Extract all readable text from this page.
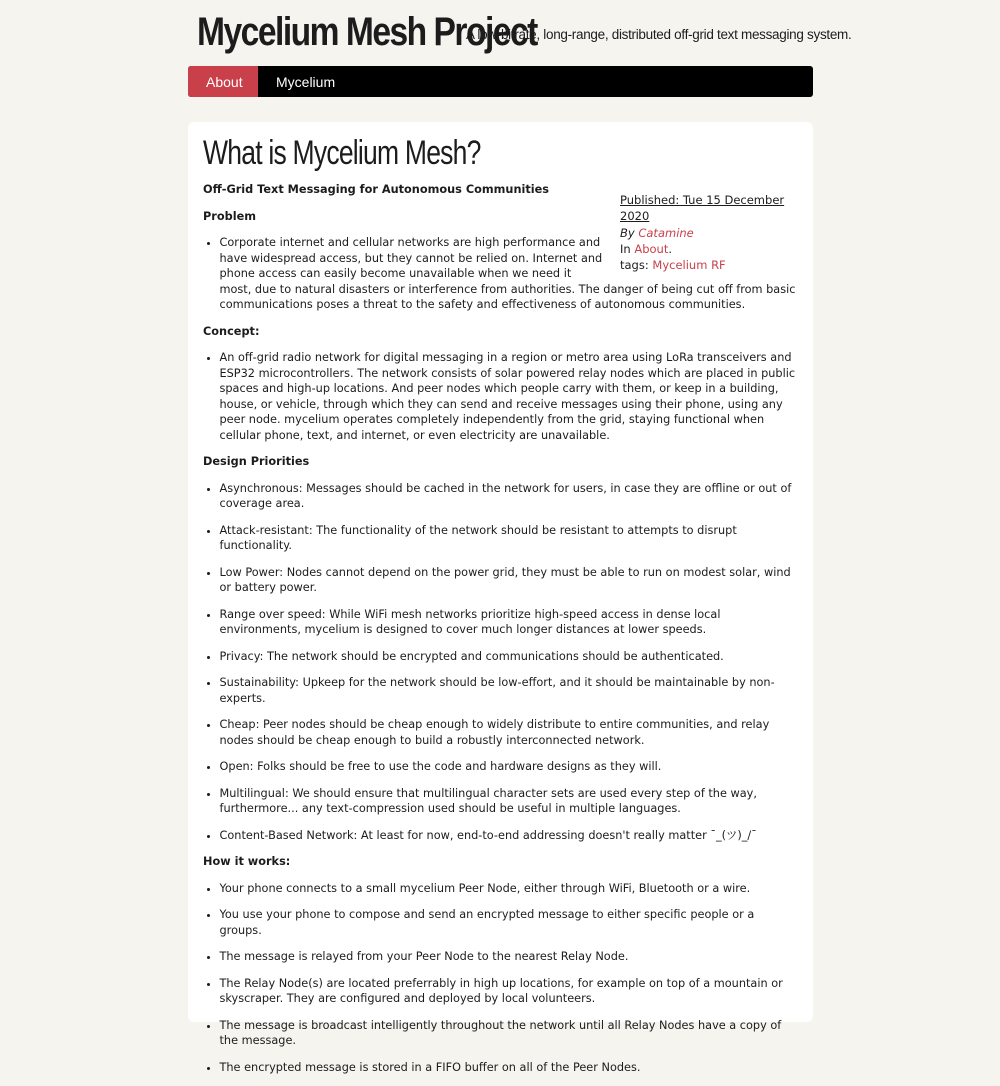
Mycelium Mesh Project
A low-bitrate, long-range, distributed off-grid text messaging system.
About	Mycelium
What is Mycelium Mesh?
Published: Tue 15 December 2020
By Catamine
In About.
tags: Mycelium RF

Off-Grid Text Messaging for Autonomous Communities

Problem

• Corporate internet and cellular networks are high performance and have widespread access, but they cannot be relied on. Internet and phone access can easily become unavailable when we need it most, due to natural disasters or interference from authorities. The danger of being cut off from basic communications poses a threat to the safety and effectiveness of autonomous communities.

Concept:

• An off-grid radio network for digital messaging in a region or metro area using LoRa transceivers and ESP32 microcontrollers. The network consists of solar powered relay nodes which are placed in public spaces and high-up locations. And peer nodes which people carry with them, or keep in a building, house, or vehicle, through which they can send and receive messages using their phone, using any peer node. mycelium operates completely independently from the grid, staying functional when cellular phone, text, and internet, or even electricity are unavailable.

Design Priorities

• Asynchronous: Messages should be cached in the network for users, in case they are offline or out of coverage area.
• Attack-resistant: The functionality of the network should be resistant to attempts to disrupt functionality.
• Low Power: Nodes cannot depend on the power grid, they must be able to run on modest solar, wind or battery power.
• Range over speed: While WiFi mesh networks prioritize high-speed access in dense local environments, mycelium is designed to cover much longer distances at lower speeds.
• Privacy: The network should be encrypted and communications should be authenticated.
• Sustainability: Upkeep for the network should be low-effort, and it should be maintainable by non-experts.
• Cheap: Peer nodes should be cheap enough to widely distribute to entire communities, and relay nodes should be cheap enough to build a robustly interconnected network.
• Open: Folks should be free to use the code and hardware designs as they will.
• Multilingual: We should ensure that multilingual character sets are used every step of the way, furthermore... any text-compression used should be useful in multiple languages.
• Content-Based Network: At least for now, end-to-end addressing doesn't really matter ¯_(ツ)_/¯

How it works:

• Your phone connects to a small mycelium Peer Node, either through WiFi, Bluetooth or a wire.
• You use your phone to compose and send an encrypted message to either specific people or a groups.
• The message is relayed from your Peer Node to the nearest Relay Node.
• The Relay Node(s) are located preferrably in high up locations, for example on top of a mountain or skyscraper. They are configured and deployed by local volunteers.
• The message is broadcast intelligently throughout the network until all Relay Nodes have a copy of the message.
• The encrypted message is stored in a FIFO buffer on all of the Peer Nodes.
